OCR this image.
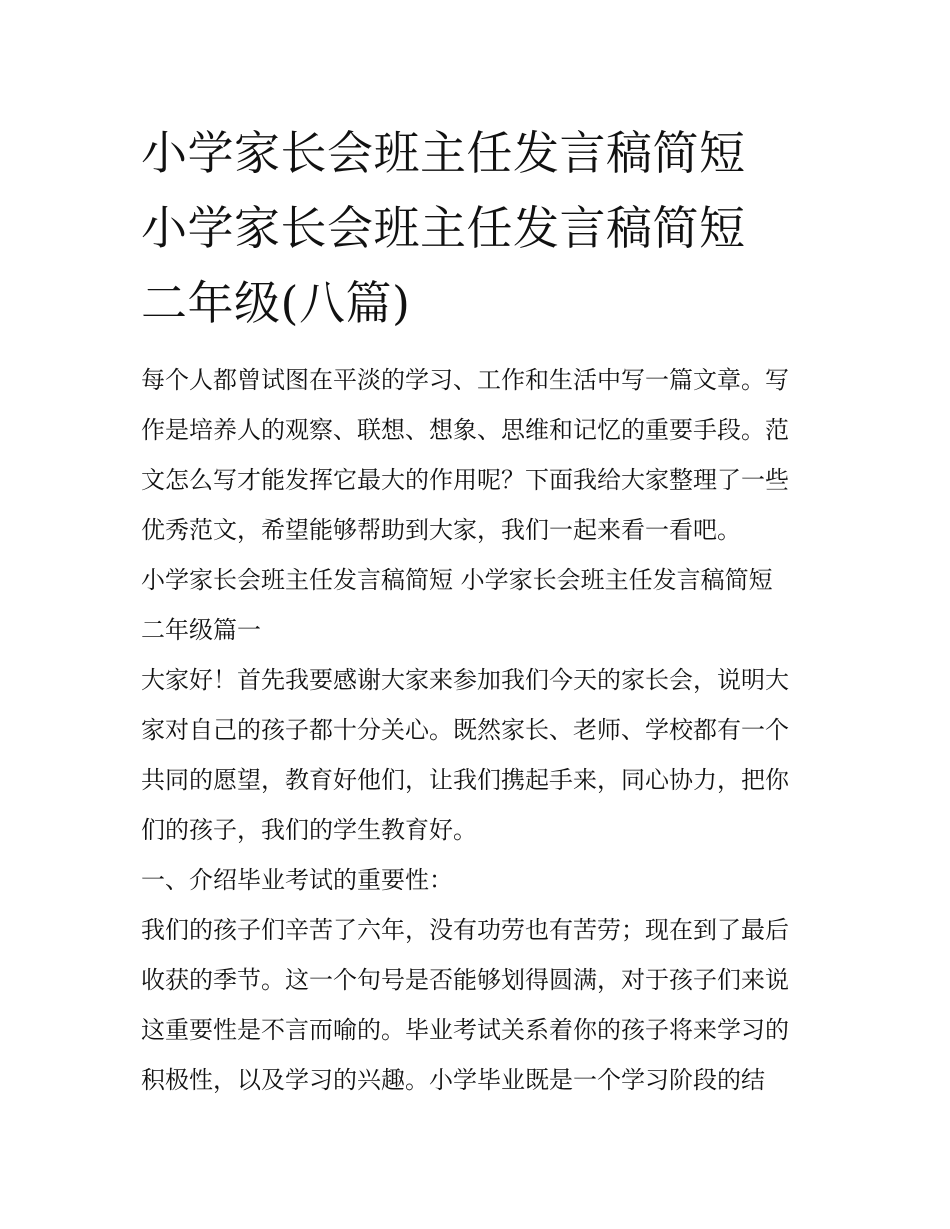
小学家长会班主任发言稿简短
小学家长会班主任发言稿简短
二年级(八篇)

每个人都曾试图在平淡的学习、工作和生活中写一篇文章。写
作是培养人的观察、联想、想象、思维和记忆的重要手段。范
文怎么写才能发挥它最大的作用呢？下面我给大家整理了一些
优秀范文，希望能够帮助到大家，我们一起来看一看吧。

小学家长会班主任发言稿简短 小学家长会班主任发言稿简短
二年级篇一

大家好！首先我要感谢大家来参加我们今天的家长会，说明大
家对自己的孩子都十分关心。既然家长、老师、学校都有一个
共同的愿望，教育好他们，让我们携起手来，同心协力，把你
们的孩子，我们的学生教育好。

一、介绍毕业考试的重要性：

我们的孩子们辛苦了六年，没有功劳也有苦劳；现在到了最后
收获的季节。这一个句号是否能够划得圆满，对于孩子们来说
这重要性是不言而喻的。毕业考试关系着你的孩子将来学习的
积极性，以及学习的兴趣。小学毕业既是一个学习阶段的结
